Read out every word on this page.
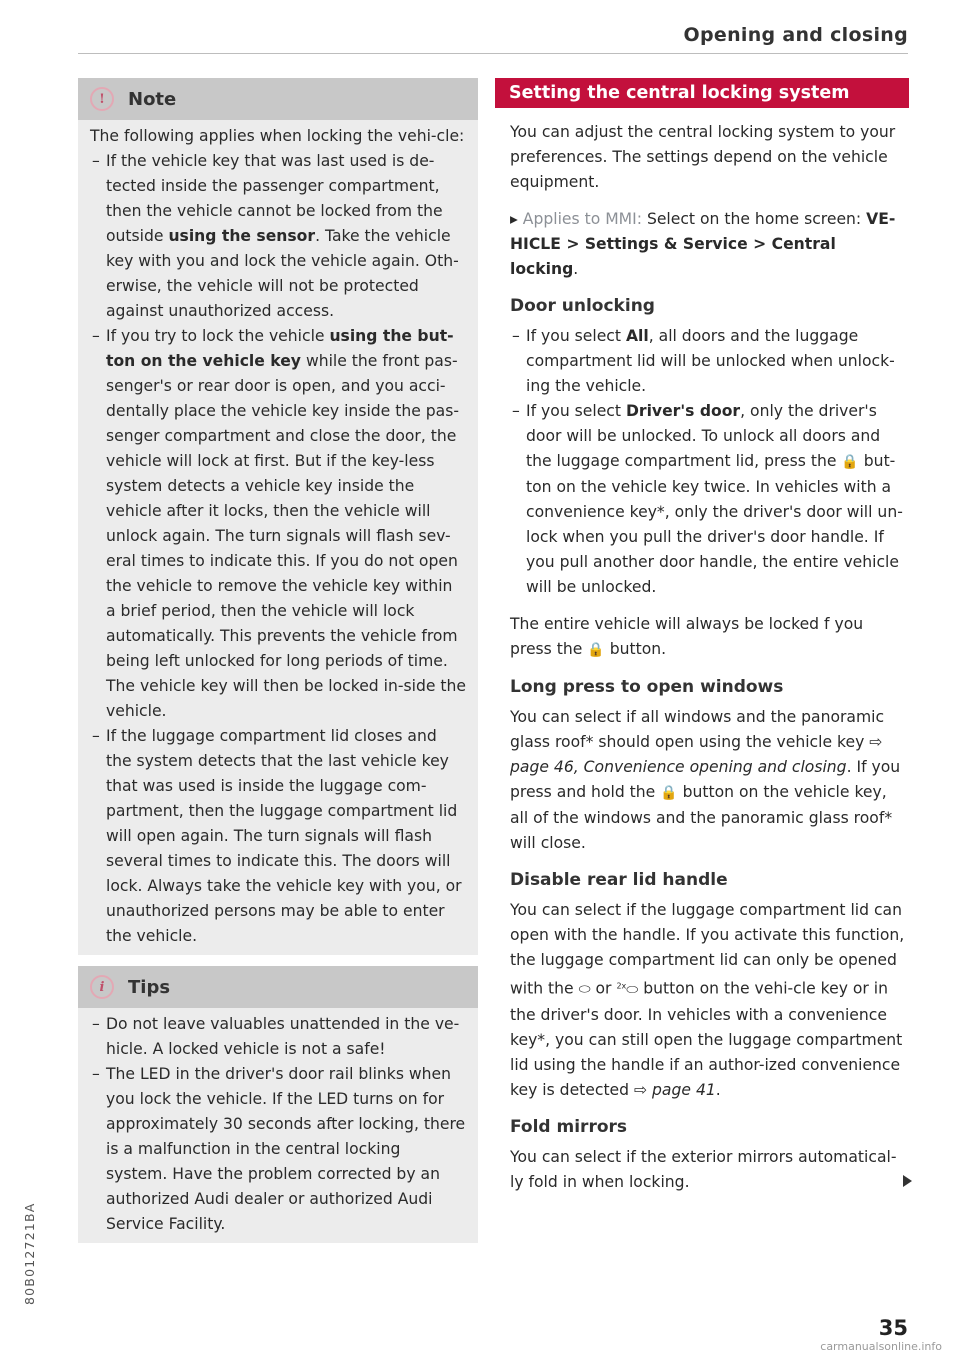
Opening and closing
!	Note

The following applies when locking the vehi-cle:

– If the vehicle key that was last used is de-tected inside the passenger compartment, then the vehicle cannot be locked from the outside using the sensor. Take the vehicle key with you and lock the vehicle again. Oth-erwise, the vehicle will not be protected against unauthorized access.

– If you try to lock the vehicle using the but-ton on the vehicle key while the front pas-senger's or rear door is open, and you acci-dentally place the vehicle key inside the pas-senger compartment and close the door, the vehicle will lock at first. But if the key-less system detects a vehicle key inside the vehicle after it locks, then the vehicle will unlock again. The turn signals will flash sev-eral times to indicate this. If you do not open the vehicle to remove the vehicle key within a brief period, then the vehicle will lock automatically. This prevents the vehicle from being left unlocked for long periods of time. The vehicle key will then be locked in-side the vehicle.

– If the luggage compartment lid closes and the system detects that the last vehicle key that was used is inside the luggage com-partment, then the luggage compartment lid will open again. The turn signals will flash several times to indicate this. The doors will lock. Always take the vehicle key with you, or unauthorized persons may be able to enter the vehicle.

i	Tips

– Do not leave valuables unattended in the ve-hicle. A locked vehicle is not a safe!

– The LED in the driver's door rail blinks when you lock the vehicle. If the LED turns on for approximately 30 seconds after locking, there is a malfunction in the central locking system. Have the problem corrected by an authorized Audi dealer or authorized Audi Service Facility.

Setting the central locking system

You can adjust the central locking system to your preferences. The settings depend on the vehicle equipment.

▸ Applies to MMI: Select on the home screen: VE-HICLE > Settings & Service > Central locking.

Door unlocking

– If you select All, all doors and the luggage compartment lid will be unlocked when unlock-ing the vehicle.

– If you select Driver's door, only the driver's door will be unlocked. To unlock all doors and the luggage compartment lid, press the 🔒 but-ton on the vehicle key twice. In vehicles with a convenience key*, only the driver's door will un-lock when you pull the driver's door handle. If you pull another door handle, the entire vehicle will be unlocked.

The entire vehicle will always be locked f you press the 🔒 button.

Long press to open windows

You can select if all windows and the panoramic glass roof* should open using the vehicle key ⇨ page 46, Convenience opening and closing. If you press and hold the 🔒 button on the vehicle key, all of the windows and the panoramic glass roof* will close.

Disable rear lid handle

You can select if the luggage compartment lid can open with the handle. If you activate this function, the luggage compartment lid can only be opened with the ⬭ or $^{2x}$⬭ button on the vehi-cle key or in the driver's door. In vehicles with a convenience key*, you can still open the luggage compartment lid using the handle if an author-ized convenience key is detected ⇨ page 41.

Fold mirrors

You can select if the exterior mirrors automatical-ly fold in when locking.

80B012721BA
35
carmanualsonline.info
